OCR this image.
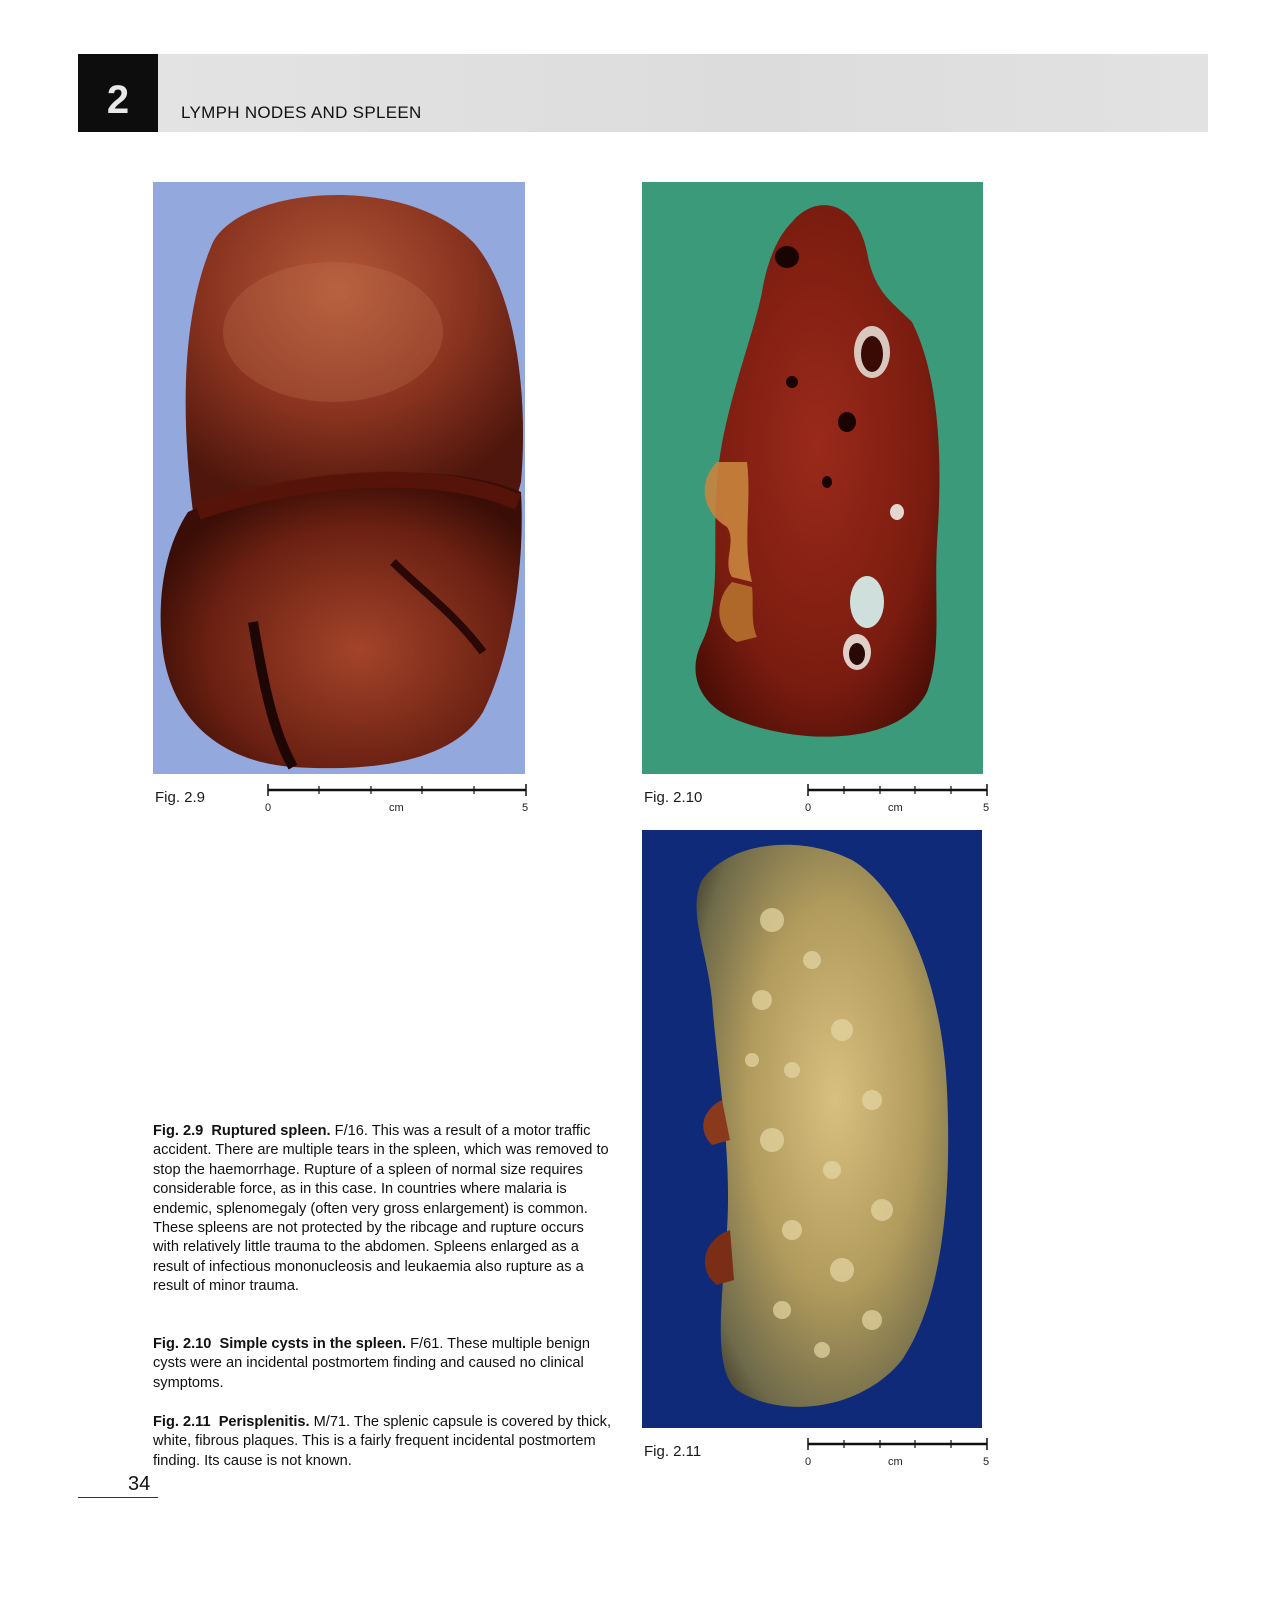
2	LYMPH NODES AND SPLEEN
Fig. 2.9
0	cm	5
Fig. 2.10
0	cm	5
Fig. 2.11
0	cm	5

Fig. 2.9 Ruptured spleen. F/16. This was a result of a motor traffic accident. There are multiple tears in the spleen, which was removed to stop the haemorrhage. Rupture of a spleen of normal size requires considerable force, as in this case. In countries where malaria is endemic, splenomegaly (often very gross enlargement) is common. These spleens are not protected by the ribcage and rupture occurs with relatively little trauma to the abdomen. Spleens enlarged as a result of infectious mononucleosis and leukaemia also rupture as a result of minor trauma.

Fig. 2.10 Simple cysts in the spleen. F/61. These multiple benign cysts were an incidental postmortem finding and caused no clinical symptoms.

Fig. 2.11 Perisplenitis. M/71. The splenic capsule is covered by thick, white, fibrous plaques. This is a fairly frequent incidental postmortem finding. Its cause is not known.

34
